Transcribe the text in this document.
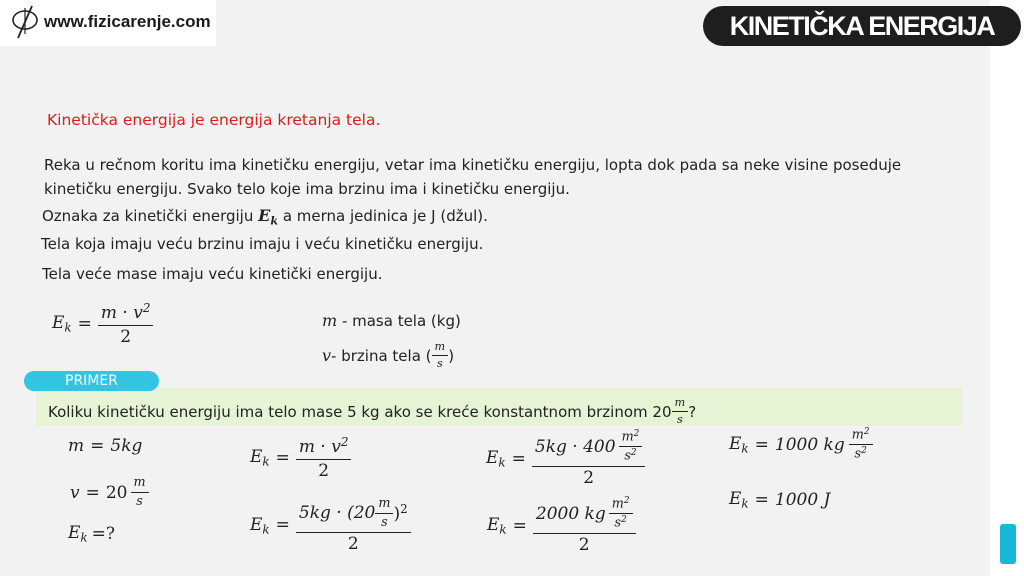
www.fizicarenje.com	KINETIČKA ENERGIJA
Kinetička energija je energija kretanja tela.
Reka u rečnom koritu ima kinetičku energiju, vetar ima kinetičku energiju, lopta dok pada sa neke visine poseduje
kinetičku energiju. Svako telo koje ima brzinu ima i kinetičku energiju.
Oznaka za kinetički energiju $E_k$ a merna jedinica je J (džul).
Tela koja imaju veću brzinu imaju i veću kinetičku energiju.
Tela veće mase imaju veću kinetički energiju.
$E_k = \frac{m \cdot v^2}{2}$	m - masa tela (kg)
v - brzina tela ( $\frac{m}{s}$ )
PRIMER
Koliku kinetičku energiju ima telo mase 5 kg ako se kreće konstantnom brzinom $20 \frac{m}{s}$ ?
m = 5kg
$v = 20 \frac{m}{s}$
$E_k$ =?
$E_k = \frac{m \cdot v^2}{2}$
$E_k = \frac{5kg \cdot (20 \frac{m}{s} )^2}{2}$
$E_k = \frac{5kg \cdot 400 \frac{m^2}{s^2}}{2}$
$E_k = \frac{2000 kg \frac{m^2}{s^2}}{2}$
$E_k = 1000$ kg $\frac{m^2}{s^2}$
$E_k = 1000$ J
